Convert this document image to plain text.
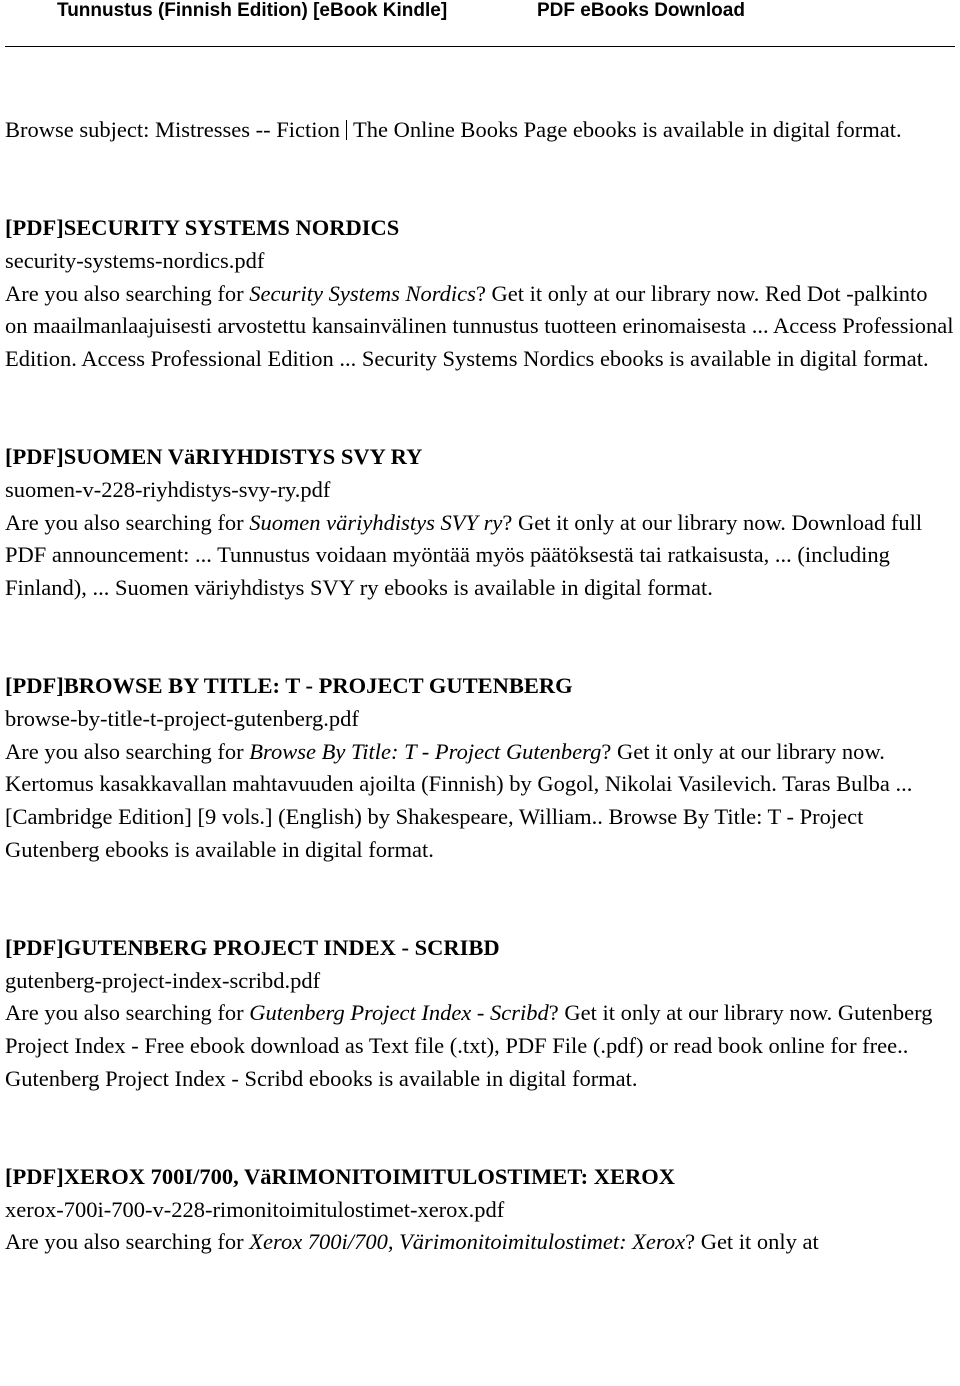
Tunnustus (Finnish Edition) [eBook Kindle]	PDF eBooks Download

Browse subject: Mistresses -- Fiction The Online Books Page ebooks is available in digital format.

[PDF]SECURITY SYSTEMS NORDICS

security-systems-nordics.pdf

Are you also searching for Security Systems Nordics? Get it only at our library now. Red Dot -palkinto on maailmanlaajuisesti arvostettu kansainvälinen tunnustus tuotteen erinomaisesta ... Access Professional Edition. Access Professional Edition ... Security Systems Nordics ebooks is available in digital format.

[PDF]SUOMEN VäRIYHDISTYS SVY RY

suomen-v-228-riyhdistys-svy-ry.pdf

Are you also searching for Suomen väriyhdistys SVY ry? Get it only at our library now. Download full PDF announcement: ... Tunnustus voidaan myöntää myös päätöksestä tai ratkaisusta, ... (including Finland), ... Suomen väriyhdistys SVY ry ebooks is available in digital format.

[PDF]BROWSE BY TITLE: T - PROJECT GUTENBERG

browse-by-title-t-project-gutenberg.pdf

Are you also searching for Browse By Title: T - Project Gutenberg? Get it only at our library now. Kertomus kasakkavallan mahtavuuden ajoilta (Finnish) by Gogol, Nikolai Vasilevich. Taras Bulba ... [Cambridge Edition] [9 vols.] (English) by Shakespeare, William.. Browse By Title: T - Project Gutenberg ebooks is available in digital format.

[PDF]GUTENBERG PROJECT INDEX - SCRIBD

gutenberg-project-index-scribd.pdf

Are you also searching for Gutenberg Project Index - Scribd? Get it only at our library now. Gutenberg Project Index - Free ebook download as Text file (.txt), PDF File (.pdf) or read book online for free.. Gutenberg Project Index - Scribd ebooks is available in digital format.

[PDF]XEROX 700I/700, VäRIMONITOIMITULOSTIMET: XEROX

xerox-700i-700-v-228-rimonitoimitulostimet-xerox.pdf

Are you also searching for Xerox 700i/700, Värimonitoimitulostimet: Xerox? Get it only at
